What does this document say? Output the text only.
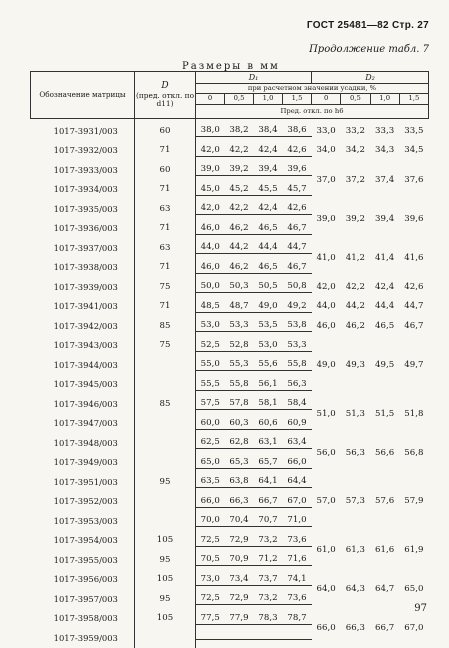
ГОСТ 25481—82 Стр. 27
Продолжение табл. 7
Размеры в мм
Обозначение матрицы	D
(пред. откл. по d11)	D₁				D₂			
		при расчетном значении усадки, %							
		0	0,5	1,0	1,5	0	0,5	1,0	1,5
		Пред. откл. по h6							
1017-3931/003	60	38,0	38,2	38,4	38,6	33,0	33,2	33,3	33,5
1017-3932/003	71	42,0	42,2	42,4	42,6	34,0	34,2	34,3	34,5
1017-3933/003	60	39,0	39,2	39,4	39,6	37,0	37,2	37,4	37,6
1017-3934/003	71	45,0	45,2	45,5	45,7				
1017-3935/003	63	42,0	42,2	42,4	42,6	39,0	39,2	39,4	39,6
1017-3936/003	71	46,0	46,2	46,5	46,7				
1017-3937/003	63	44,0	44,2	44,4	44,7	41,0	41,2	41,4	41,6
1017-3938/003	71	46,0	46,2	46,5	46,7				
1017-3939/003	75	50,0	50,3	50,5	50,8	42,0	42,2	42,4	42,6
1017-3941/003	71	48,5	48,7	49,0	49,2	44,0	44,2	44,4	44,7
1017-3942/003	85	53,0	53,3	53,5	53,8	46,0	46,2	46,5	46,7
1017-3943/003	75	52,5	52,8	53,0	53,3	49,0	49,3	49,5	49,7
1017-3944/003		55,0	55,3	55,6	55,8				
1017-3945/003		55,5	55,8	56,1	56,3				
1017-3946/003	85	57,5	57,8	58,1	58,4	51,0	51,3	51,5	51,8
1017-3947/003		60,0	60,3	60,6	60,9				
1017-3948/003		62,5	62,8	63,1	63,4	56,0	56,3	56,6	56,8
1017-3949/003		65,0	65,3	65,7	66,0				
1017-3951/003	95	63,5	63,8	64,1	64,4	57,0	57,3	57,6	57,9
1017-3952/003		66,0	66,3	66,7	67,0				
1017-3953/003		70,0	70,4	70,7	71,0				
1017-3954/003	105	72,5	72,9	73,2	73,6	61,0	61,3	61,6	61,9
1017-3955/003	95	70,5	70,9	71,2	71,6				
1017-3956/003	105	73,0	73,4	73,7	74,1	64,0	64,3	64,7	65,0
1017-3957/003	95	72,5	72,9	73,2	73,6				
1017-3958/003	105	77,5	77,9	78,3	78,7	66,0	66,3	66,7	67,0
1017-3959/003									
97
